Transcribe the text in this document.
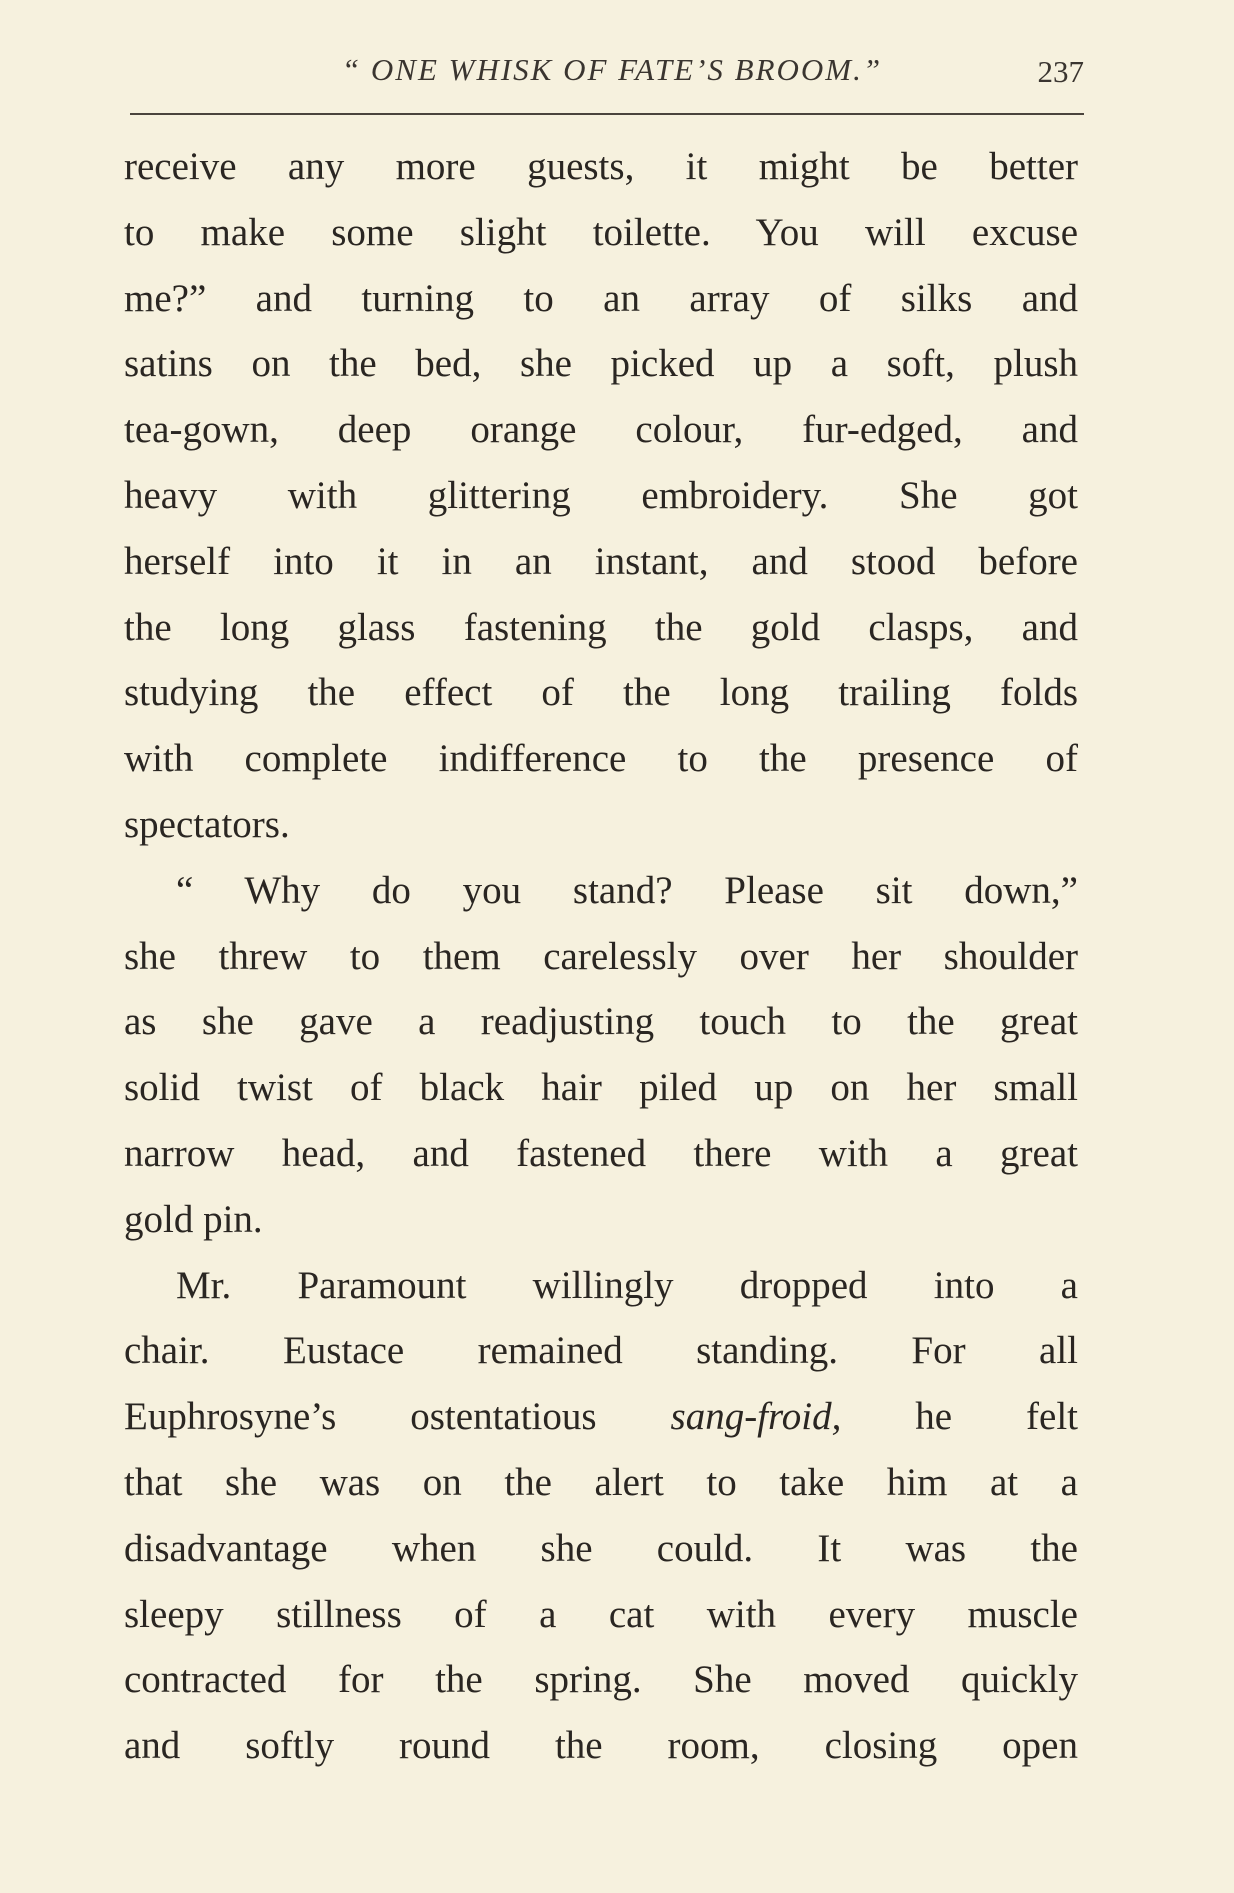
“ ONE WHISK OF FATE’S BROOM.”	237
receive any more guests, it might be better
to make some slight toilette. You will excuse
me?” and turning to an array of silks and
satins on the bed, she picked up a soft, plush
tea-gown, deep orange colour, fur-edged, and
heavy with glittering embroidery. She got
herself into it in an instant, and stood before
the long glass fastening the gold clasps, and
studying the effect of the long trailing folds
with complete indifference to the presence of
spectators.
“ Why do you stand? Please sit down,”
she threw to them carelessly over her shoulder
as she gave a readjusting touch to the great
solid twist of black hair piled up on her small
narrow head, and fastened there with a great
gold pin.
Mr. Paramount willingly dropped into a
chair. Eustace remained standing. For all
Euphrosyne’s ostentatious sang-froid, he felt
that she was on the alert to take him at a
disadvantage when she could. It was the
sleepy stillness of a cat with every muscle
contracted for the spring. She moved quickly
and softly round the room, closing open
